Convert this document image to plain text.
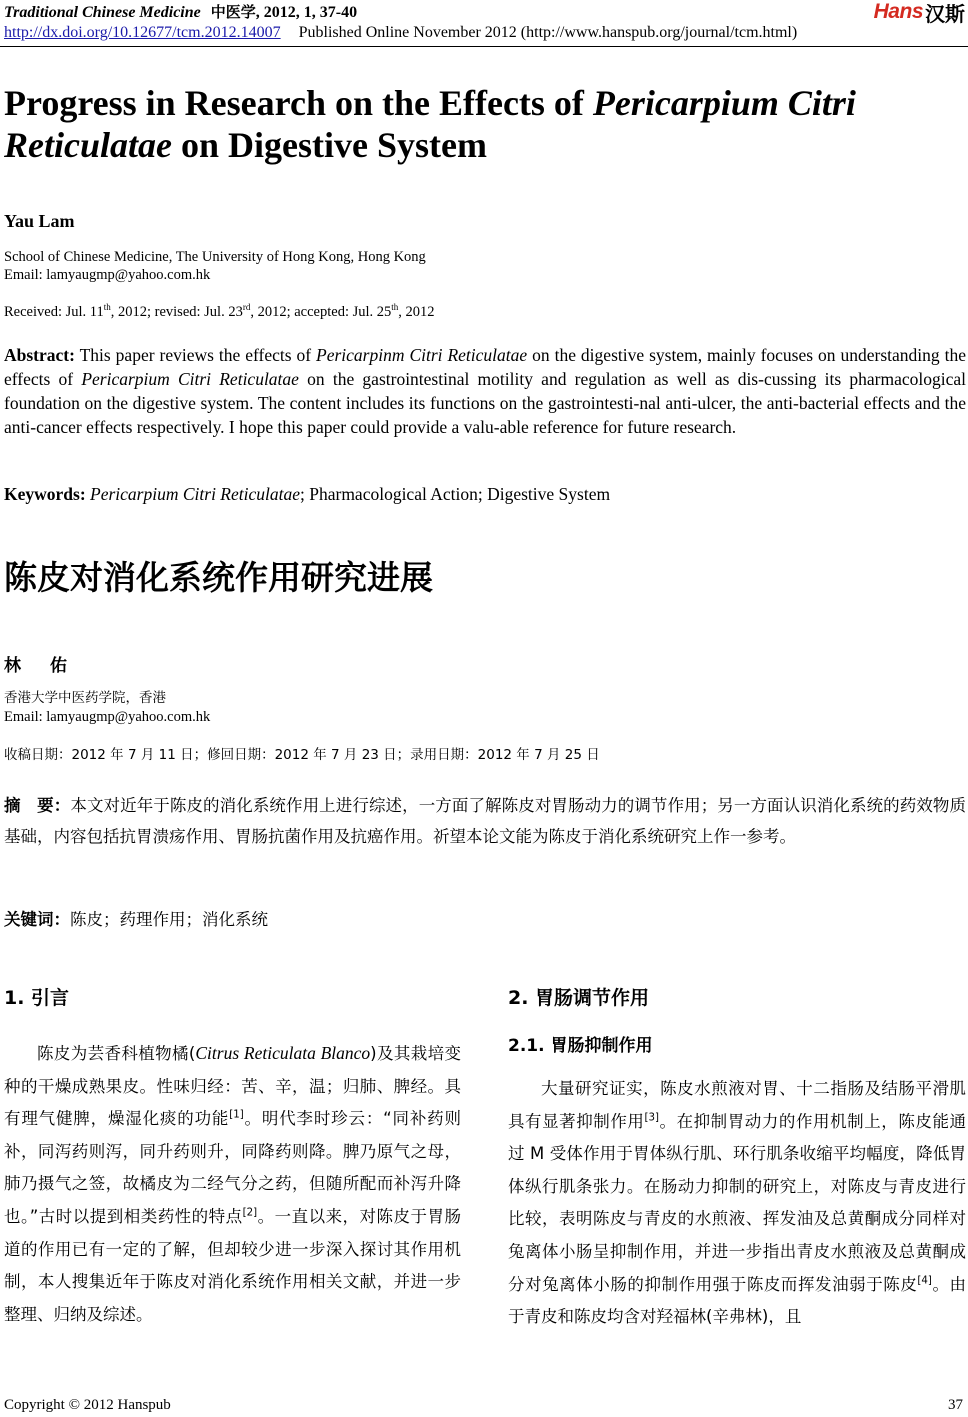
Traditional Chinese Medicine 中医学, 2012, 1, 37-40
http://dx.doi.org/10.12677/tcm.2012.14007 Published Online November 2012 (http://www.hanspub.org/journal/tcm.html)
Hans 汉斯
Progress in Research on the Effects of Pericarpium Citri Reticulatae on Digestive System
Yau Lam
School of Chinese Medicine, The University of Hong Kong, Hong Kong
Email: lamyaugmp@yahoo.com.hk
Received: Jul. 11th, 2012; revised: Jul. 23rd, 2012; accepted: Jul. 25th, 2012
Abstract: This paper reviews the effects of Pericarpinm Citri Reticulatae on the digestive system, mainly focuses on understanding the effects of Pericarpium Citri Reticulatae on the gastrointestinal motility and regulation as well as dis-cussing its pharmacological foundation on the digestive system. The content includes its functions on the gastrointesti-nal anti-ulcer, the anti-bacterial effects and the anti-cancer effects respectively. I hope this paper could provide a valu-able reference for future research.
Keywords: Pericarpium Citri Reticulatae; Pharmacological Action; Digestive System
陈皮对消化系统作用研究进展
林　佑
香港大学中医药学院，香港
Email: lamyaugmp@yahoo.com.hk
收稿日期：2012 年 7 月 11 日；修回日期：2012 年 7 月 23 日；录用日期：2012 年 7 月 25 日
摘　要：本文对近年于陈皮的消化系统作用上进行综述，一方面了解陈皮对胃肠动力的调节作用；另一方面认识消化系统的药效物质基础，内容包括抗胃溃疡作用、胃肠抗菌作用及抗癌作用。祈望本论文能为陈皮于消化系统研究上作一参考。
关键词：陈皮；药理作用；消化系统
1. 引言
陈皮为芸香科植物橘(Citrus Reticulata Blanco)及其栽培变种的干燥成熟果皮。性味归经：苦、辛，温；归肺、脾经。具有理气健脾，燥湿化痰的功能[1]。明代李时珍云：“同补药则补，同泻药则泻，同升药则升，同降药则降。脾乃原气之母，肺乃摄气之签，故橘皮为二经气分之药，但随所配而补泻升降也。”古时以提到相类药性的特点[2]。一直以来，对陈皮于胃肠道的作用已有一定的了解，但却较少进一步深入探讨其作用机制，本人搜集近年于陈皮对消化系统作用相关文献，并进一步整理、归纳及综述。
2. 胃肠调节作用
2.1. 胃肠抑制作用
大量研究证实，陈皮水煎液对胃、十二指肠及结肠平滑肌具有显著抑制作用[3]。在抑制胃动力的作用机制上，陈皮能通过 M 受体作用于胃体纵行肌、环行肌条收缩平均幅度，降低胃体纵行肌条张力。在肠动力抑制的研究上，对陈皮与青皮进行比较，表明陈皮与青皮的水煎液、挥发油及总黄酮成分同样对兔离体小肠呈抑制作用，并进一步指出青皮水煎液及总黄酮成分对兔离体小肠的抑制作用强于陈皮而挥发油弱于陈皮[4]。由于青皮和陈皮均含对羟福林(辛弗林)，且
Copyright © 2012 Hanspub	37
